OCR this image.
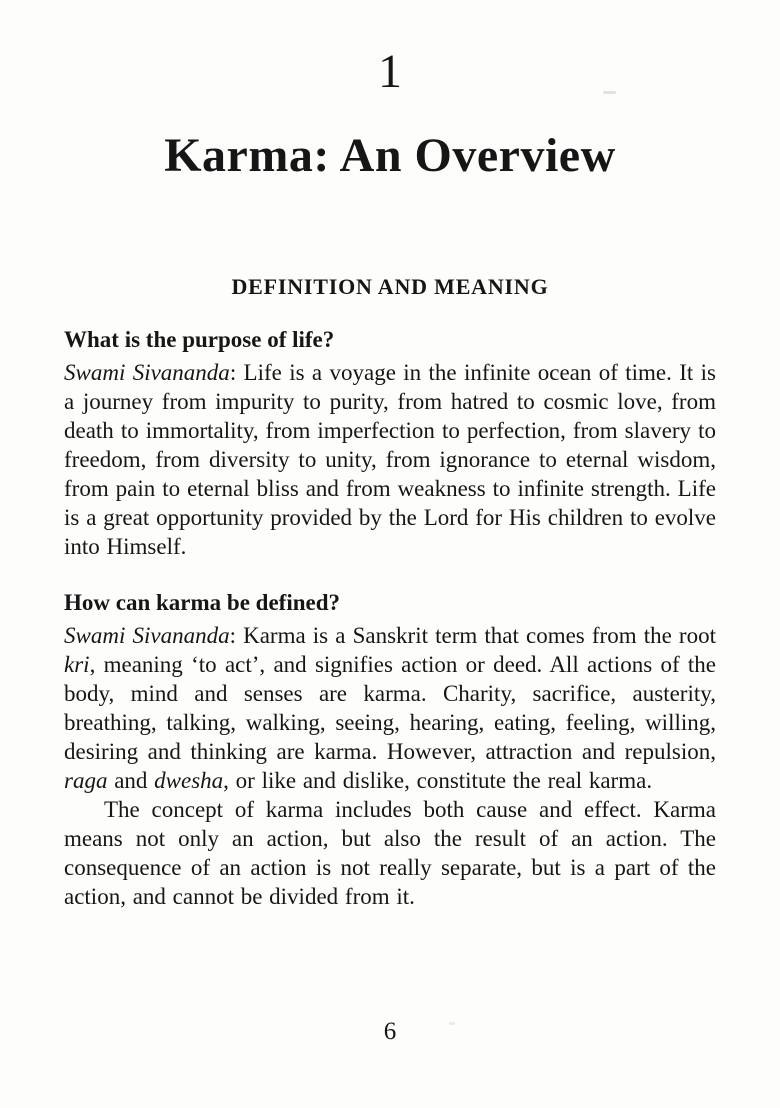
1
Karma: An Overview
DEFINITION AND MEANING
What is the purpose of life?

Swami Sivananda: Life is a voyage in the infinite ocean of time. It is a journey from impurity to purity, from hatred to cosmic love, from death to immortality, from imperfection to perfection, from slavery to freedom, from diversity to unity, from ignorance to eternal wisdom, from pain to eternal bliss and from weakness to infinite strength. Life is a great opportunity provided by the Lord for His children to evolve into Himself.

How can karma be defined?

Swami Sivananda: Karma is a Sanskrit term that comes from the root kri, meaning ‘to act’, and signifies action or deed. All actions of the body, mind and senses are karma. Charity, sacrifice, austerity, breathing, talking, walking, seeing, hearing, eating, feeling, willing, desiring and thinking are karma. However, attraction and repulsion, raga and dwesha, or like and dislike, constitute the real karma.

The concept of karma includes both cause and effect. Karma means not only an action, but also the result of an action. The consequence of an action is not really separate, but is a part of the action, and cannot be divided from it.

6
